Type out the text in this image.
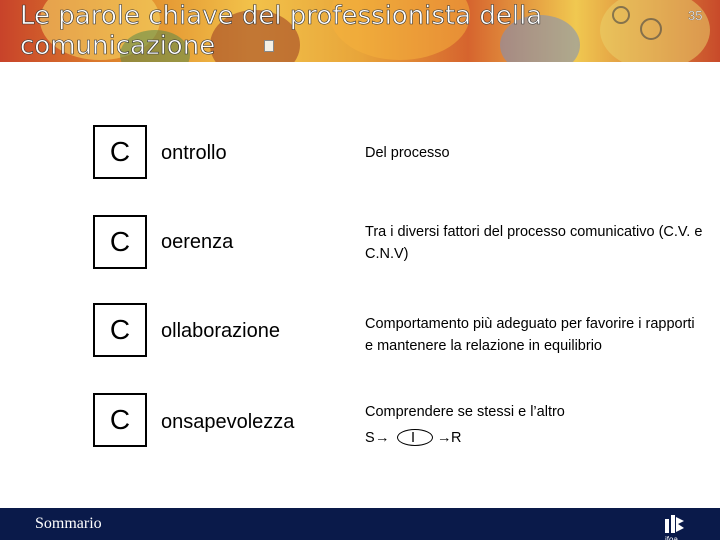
Le parole chiave del professionista della comunicazione
35
C	ontrollo	Del processo
C	oerenza	Tra i diversi fattori del processo comunicativo (C.V. e C.N.V)
C	ollaborazione	Comportamento più adeguato per favorire i rapporti e mantenere la relazione in equilibrio
C	onsapevolezza	Comprendere se stessi e l’altro
S → I → R
Sommario
ifoa
